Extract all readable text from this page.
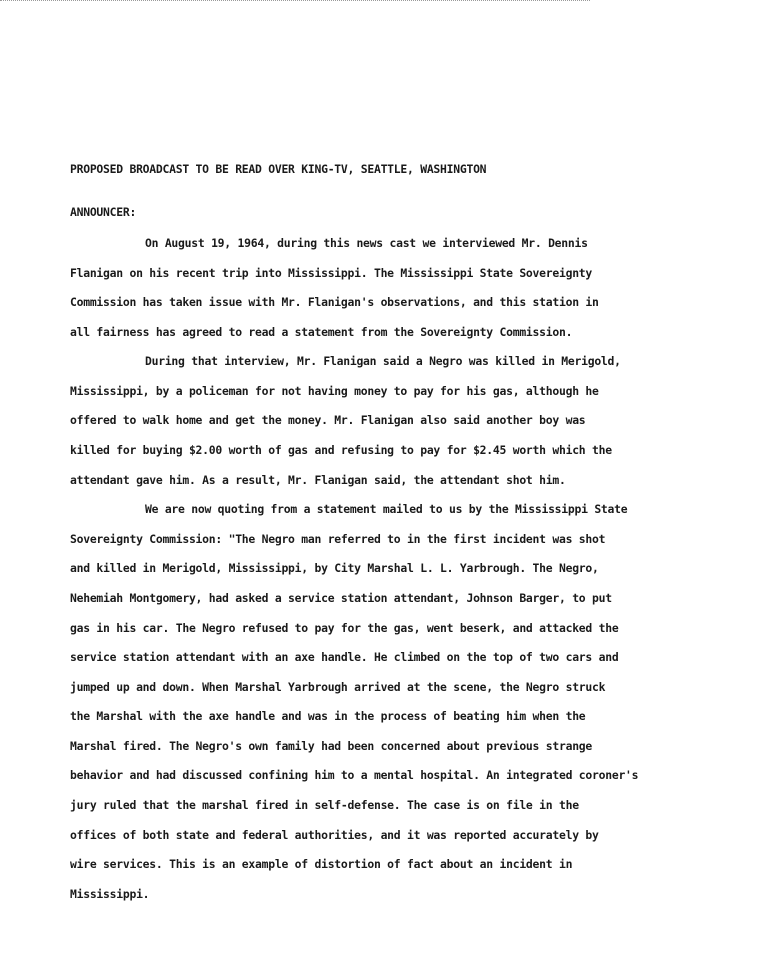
PROPOSED BROADCAST TO BE READ OVER KING-TV, SEATTLE, WASHINGTON
ANNOUNCER:
On August 19, 1964, during this news cast we interviewed Mr. Dennis
Flanigan on his recent trip into Mississippi. The Mississippi State Sovereignty
Commission has taken issue with Mr. Flanigan's observations, and this station in
all fairness has agreed to read a statement from the Sovereignty Commission.
During that interview, Mr. Flanigan said a Negro was killed in Merigold,
Mississippi, by a policeman for not having money to pay for his gas, although he
offered to walk home and get the money. Mr. Flanigan also said another boy was
killed for buying $2.00 worth of gas and refusing to pay for $2.45 worth which the
attendant gave him. As a result, Mr. Flanigan said, the attendant shot him.
We are now quoting from a statement mailed to us by the Mississippi State
Sovereignty Commission: "The Negro man referred to in the first incident was shot
and killed in Merigold, Mississippi, by City Marshal L. L. Yarbrough. The Negro,
Nehemiah Montgomery, had asked a service station attendant, Johnson Barger, to put
gas in his car. The Negro refused to pay for the gas, went beserk, and attacked the
service station attendant with an axe handle. He climbed on the top of two cars and
jumped up and down. When Marshal Yarbrough arrived at the scene, the Negro struck
the Marshal with the axe handle and was in the process of beating him when the
Marshal fired. The Negro's own family had been concerned about previous strange
behavior and had discussed confining him to a mental hospital. An integrated coroner's
jury ruled that the marshal fired in self-defense. The case is on file in the
offices of both state and federal authorities, and it was reported accurately by
wire services. This is an example of distortion of fact about an incident in
Mississippi.
